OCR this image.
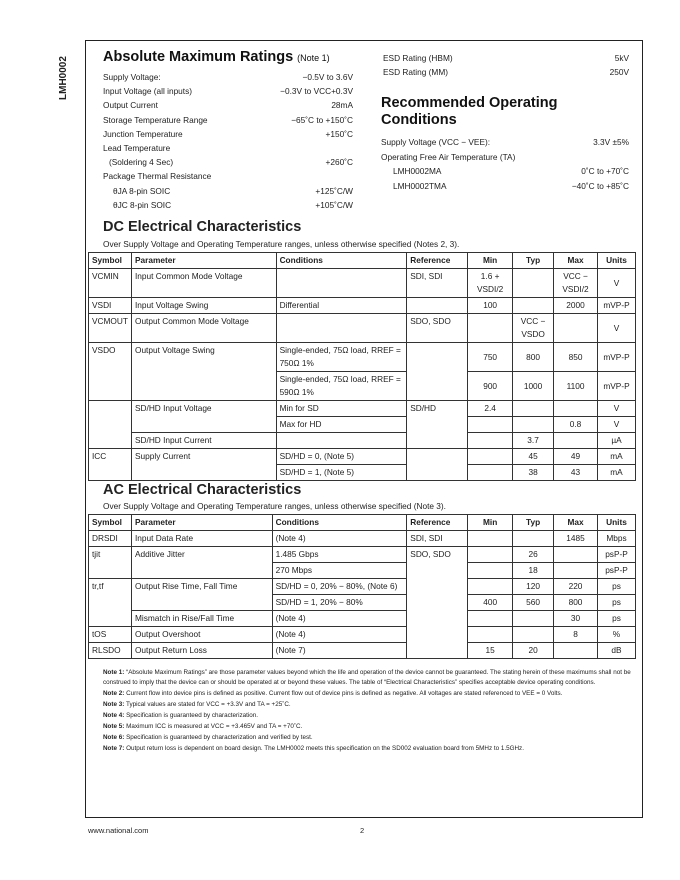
LMH0002 Absolute Maximum Ratings (Note 1)
Supply Voltage:	−0.5V to 3.6V
Input Voltage (all inputs)	−0.3V to VCC+0.3V
Output Current	28mA
Storage Temperature Range	−65˚C to +150˚C
Junction Temperature	+150˚C
Lead Temperature
(Soldering 4 Sec)	+260˚C
Package Thermal Resistance
θJA 8-pin SOIC	+125˚C/W
θJC 8-pin SOIC	+105˚C/W
ESD Rating (HBM)	5kV
ESD Rating (MM)	250V
Recommended Operating
Conditions
Supply Voltage (VCC − VEE):	3.3V ±5%
Operating Free Air Temperature (TA)
LMH0002MA	0˚C to +70˚C
LMH0002TMA	−40˚C to +85˚C
DC Electrical Characteristics
Over Supply Voltage and Operating Temperature ranges, unless otherwise specified (Notes 2, 3).
Symbol	Parameter	Conditions	Reference	Min	Typ	Max	Units
VCMIN	Input Common Mode Voltage		SDI, SDI	1.6 + VSDI/2		VCC − VSDI/2	V
VSDI	Input Voltage Swing	Differential		100		2000	mVP-P
VCMOUT	Output Common Mode Voltage		SDO, SDO		VCC − VSDO		V
VSDO	Output Voltage Swing	Single-ended, 75Ω load, RREF = 750Ω 1%		750	800	850	mVP-P
		Single-ended, 75Ω load, RREF = 590Ω 1%		900	1000	1100	mVP-P
	SD/HD Input Voltage	Min for SD	SD/HD	2.4			V
		Max for HD				0.8	V
	SD/HD Input Current				3.7		µA
ICC	Supply Current	SD/HD = 0, (Note 5)			45	49	mA
		SD/HD = 1, (Note 5)			38	43	mA
AC Electrical Characteristics
Over Supply Voltage and Operating Temperature ranges, unless otherwise specified (Note 3).
Symbol	Parameter	Conditions	Reference	Min	Typ	Max	Units
DRSDI	Input Data Rate	(Note 4)	SDI, SDI			1485	Mbps
tjit	Additive Jitter	1.485 Gbps	SDO, SDO		26		psP-P
		270 Mbps			18		psP-P
tr,tf	Output Rise Time, Fall Time	SD/HD = 0, 20% − 80%, (Note 6)			120	220	ps
		SD/HD = 1, 20% − 80%		400	560	800	ps
	Mismatch in Rise/Fall Time	(Note 4)				30	ps
tOS	Output Overshoot	(Note 4)				8	%
RLSDO	Output Return Loss	(Note 7)		15	20		dB

Note 1: “Absolute Maximum Ratings” are those parameter values beyond which the life and operation of the device cannot be guaranteed. The stating herein of these maximums shall not be construed to imply that the device can or should be operated at or beyond these values. The table of “Electrical Characteristics” specifies acceptable device operating conditions.

Note 2: Current flow into device pins is defined as positive. Current flow out of device pins is defined as negative. All voltages are stated referenced to VEE = 0 Volts.

Note 3: Typical values are stated for VCC = +3.3V and TA = +25˚C.

Note 4: Specification is guaranteed by characterization.

Note 5: Maximum ICC is measured at VCC = +3.465V and TA = +70˚C.

Note 6: Specification is guaranteed by characterization and verified by test.

Note 7: Output return loss is dependent on board design. The LMH0002 meets this specification on the SD002 evaluation board from 5MHz to 1.5GHz.

www.national.com	2
